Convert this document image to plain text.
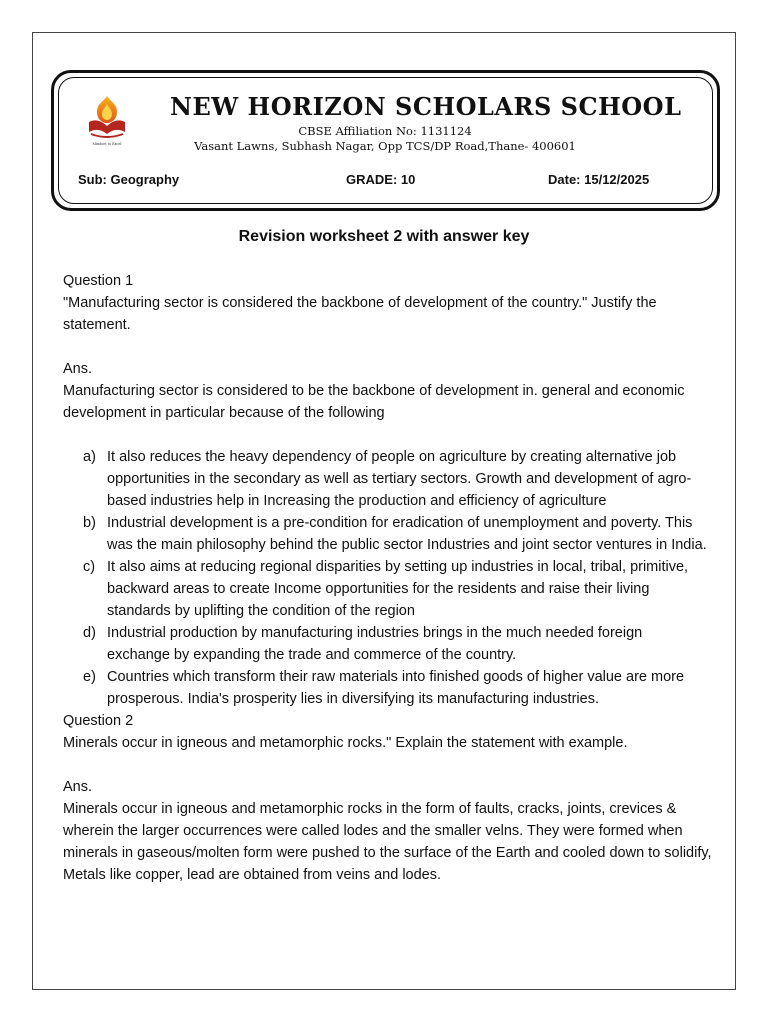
Mindset to Excel
NEW HORIZON SCHOLARS SCHOOL
CBSE Affiliation No: 1131124
Vasant Lawns, Subhash Nagar, Opp TCS/DP Road,Thane- 400601
Sub: Geography	GRADE: 10	Date: 15/12/2025
Revision worksheet 2 with answer key

Question 1

"Manufacturing sector is considered the backbone of development of the country." Justify the statement.

Ans.

Manufacturing sector is considered to be the backbone of development in. general and economic development in particular because of the following

a) It also reduces the heavy dependency of people on agriculture by creating alternative job opportunities in the secondary as well as tertiary sectors. Growth and development of agro-based industries help in Increasing the production and efficiency of agriculture
b) Industrial development is a pre-condition for eradication of unemployment and poverty. This was the main philosophy behind the public sector Industries and joint sector ventures in India.
c) It also aims at reducing regional disparities by setting up industries in local, tribal, primitive, backward areas to create Income opportunities for the residents and raise their living standards by uplifting the condition of the region
d) Industrial production by manufacturing industries brings in the much needed foreign exchange by expanding the trade and commerce of the country.
e) Countries which transform their raw materials into finished goods of higher value are more prosperous. India's prosperity lies in diversifying its manufacturing industries.

Question 2

Minerals occur in igneous and metamorphic rocks." Explain the statement with example.

Ans.

Minerals occur in igneous and metamorphic rocks in the form of faults, cracks, joints, crevices & wherein the larger occurrences were called lodes and the smaller velns. They were formed when minerals in gaseous/molten form were pushed to the surface of the Earth and cooled down to solidify, Metals like copper, lead are obtained from veins and lodes.
